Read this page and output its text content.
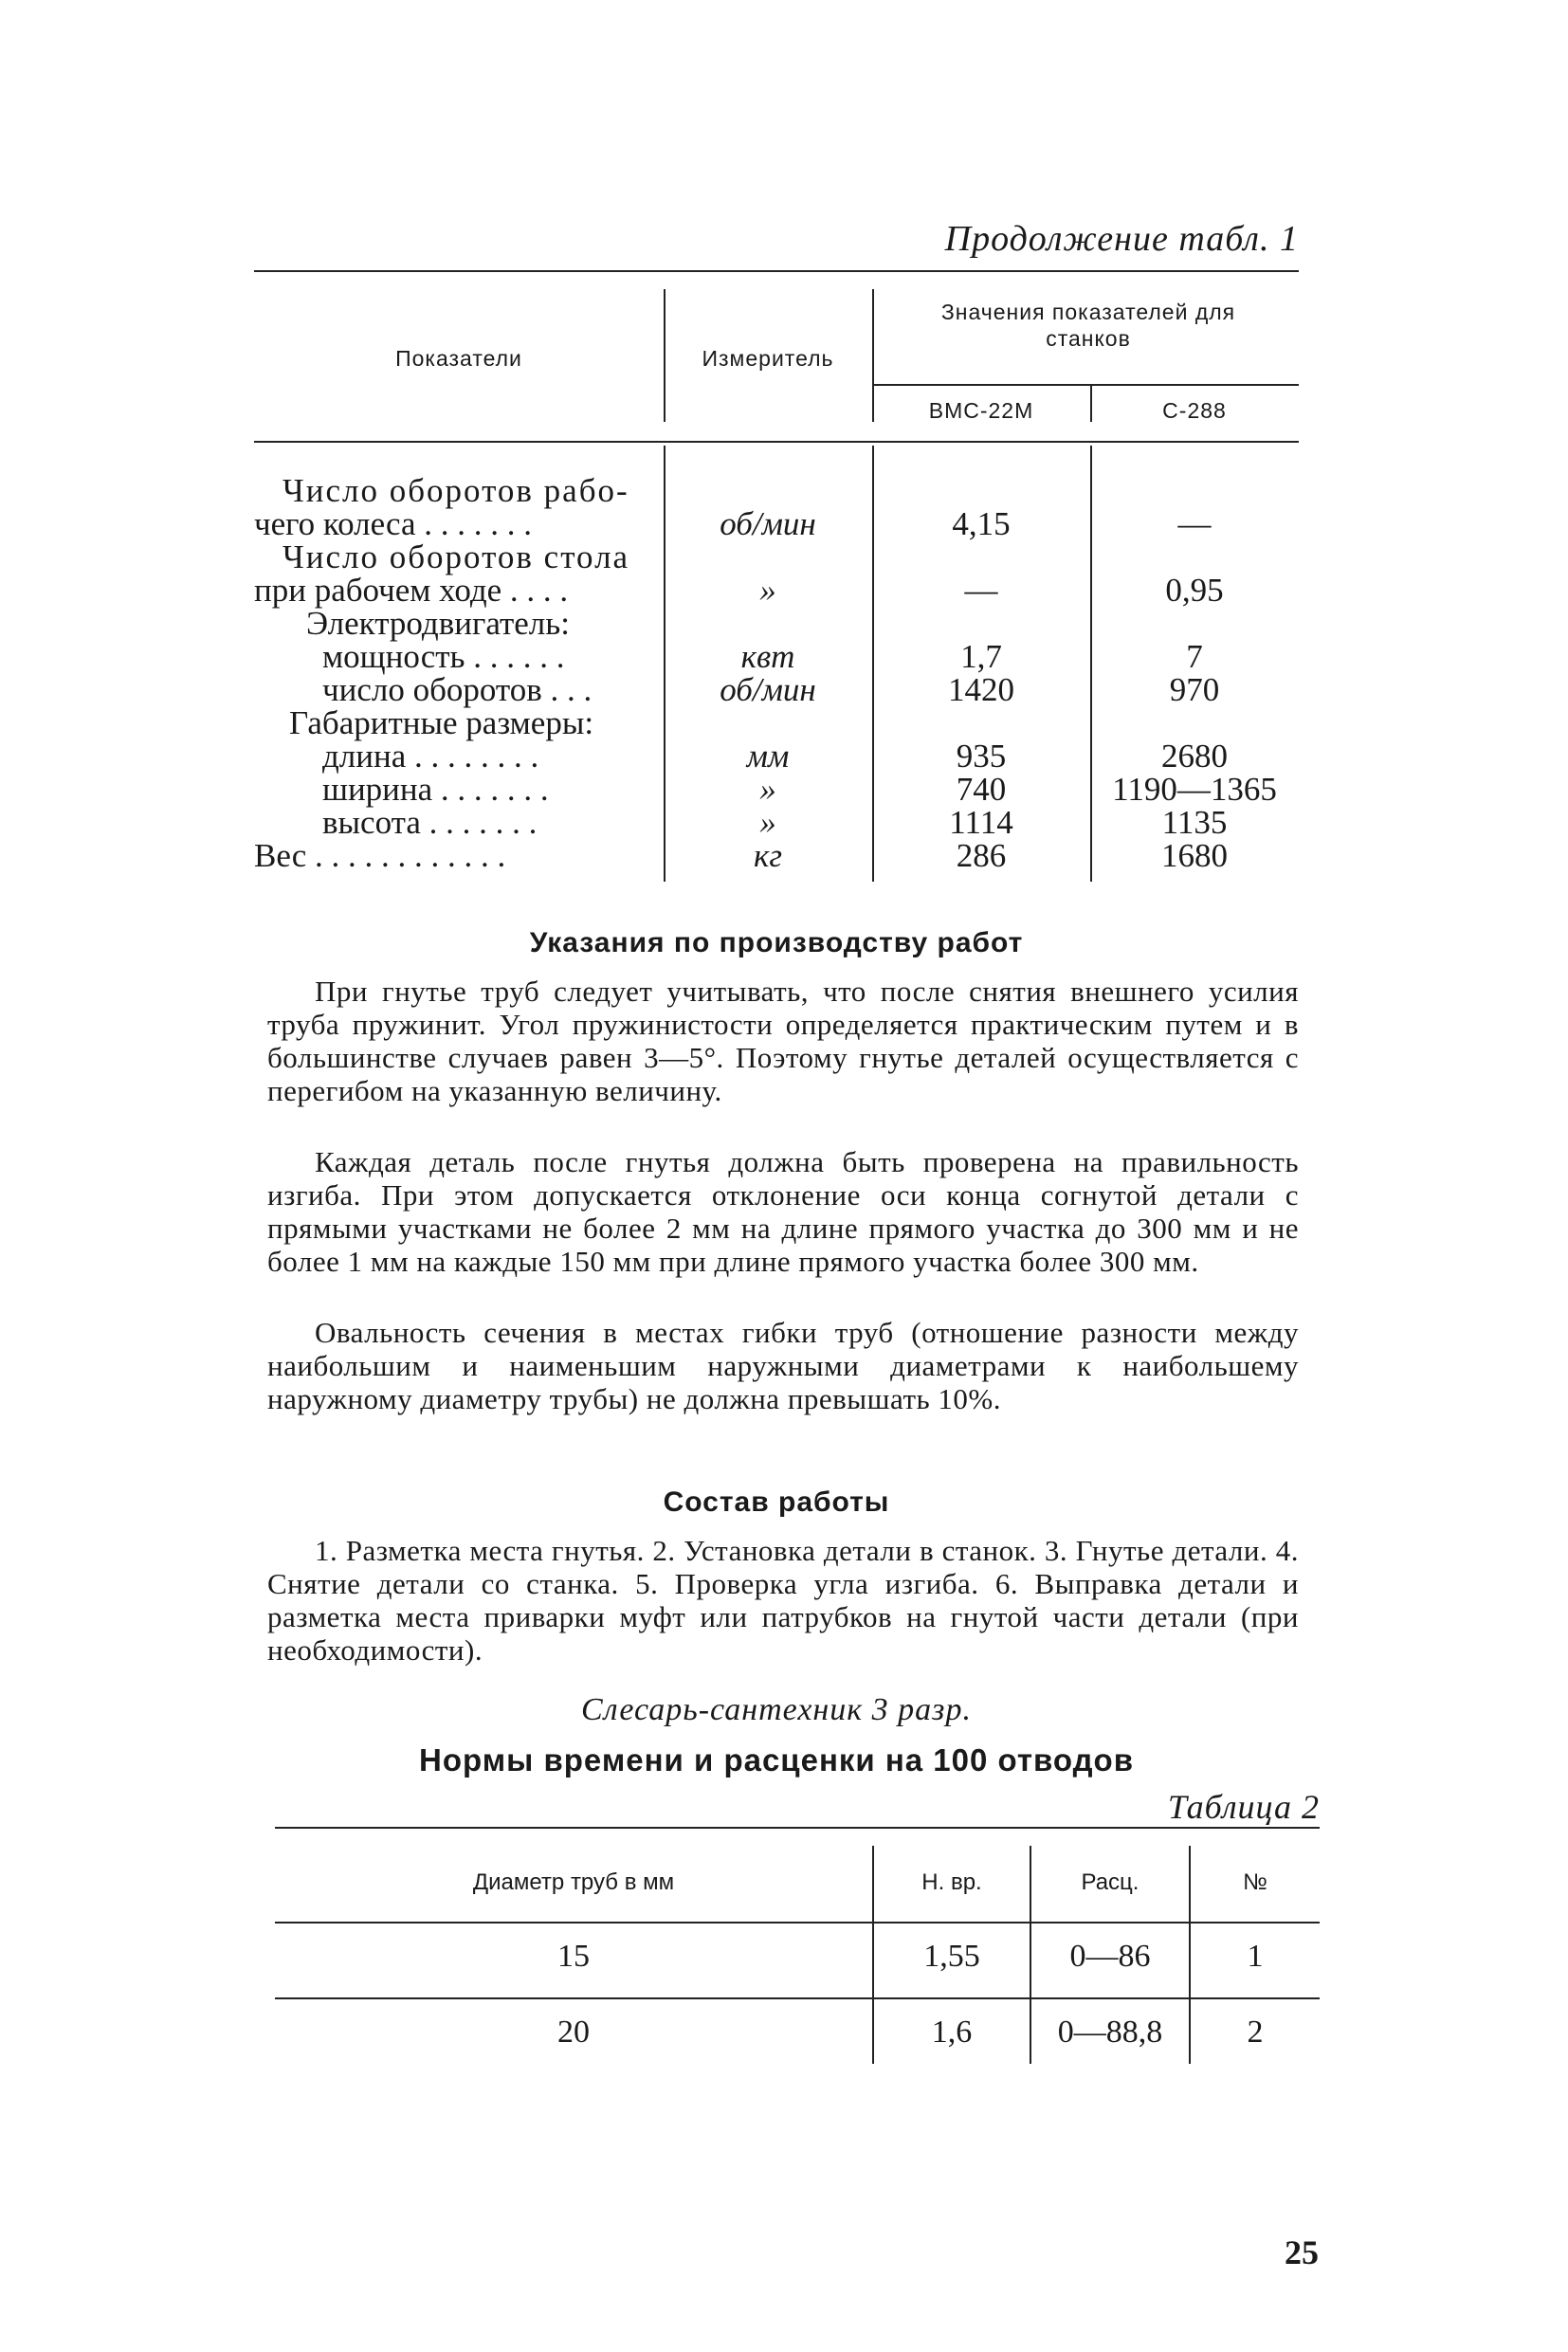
Продолжение табл. 1
Показатели	Измеритель
Значения показателей для станков
ВМС-22М	С-288
Число оборотов рабо-
чего колеса . . . . . . .	об/мин	4,15	—
Число оборотов стола
при рабочем ходе . . . .	»	—	0,95
Электродвигатель:
мощность . . . . . .	квт	1,7	7
число оборотов . . .	об/мин	1420	970
Габаритные размеры:
длина . . . . . . . .	мм	935	2680
ширина . . . . . . .	»	740	1190—1365
высота . . . . . . .	»	1114	1135
Вес . . . . . . . . . . . .	кг	286	1680
Указания по производству работ

При гнутье труб следует учитывать, что после снятия внешнего усилия труба пружинит. Угол пружинистости определяется практическим путем и в большинстве случаев равен 3—5°. Поэтому гнутье деталей осуществляется с перегибом на указанную величину.

Каждая деталь после гнутья должна быть проверена на правильность изгиба. При этом допускается отклонение оси конца согнутой детали с прямыми участками не более 2 мм на длине прямого участка до 300 мм и не более 1 мм на каждые 150 мм при длине прямого участка более 300 мм.

Овальность сечения в местах гибки труб (отношение разности между наибольшим и наименьшим наружными диаметрами к наибольшему наружному диаметру трубы) не должна превышать 10%.

Состав работы

1. Разметка места гнутья. 2. Установка детали в станок. 3. Гнутье детали. 4. Снятие детали со станка. 5. Проверка угла изгиба. 6. Выправка детали и разметка места приварки муфт или патрубков на гнутой части детали (при необходимости).

Слесарь-сантехник 3 разр.
Нормы времени и расценки на 100 отводов
Таблица 2
Диаметр труб в мм	Н. вр.	Расц.	№
15	1,55	0—86	1
20	1,6	0—88,8	2
25
